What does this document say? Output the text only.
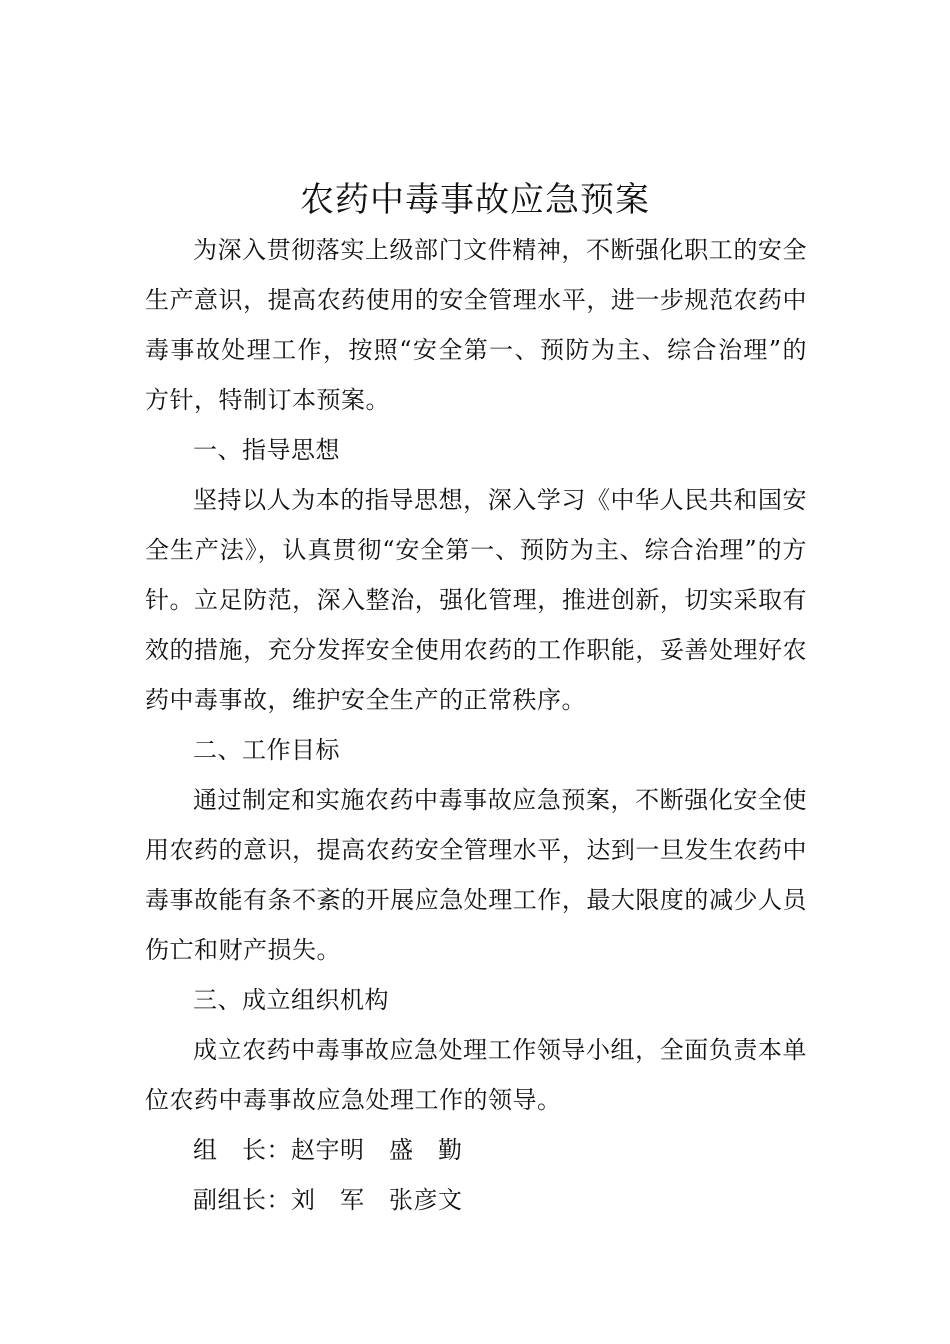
农药中毒事故应急预案

为深入贯彻落实上级部门文件精神，不断强化职工的安全生产意识，提高农药使用的安全管理水平，进一步规范农药中毒事故处理工作，按照“安全第一、预防为主、综合治理”的方针，特制订本预案。

一、指导思想

坚持以人为本的指导思想，深入学习《中华人民共和国安全生产法》，认真贯彻“安全第一、预防为主、综合治理”的方针。立足防范，深入整治，强化管理，推进创新，切实采取有效的措施，充分发挥安全使用农药的工作职能，妥善处理好农药中毒事故，维护安全生产的正常秩序。

二、工作目标

通过制定和实施农药中毒事故应急预案，不断强化安全使用农药的意识，提高农药安全管理水平，达到一旦发生农药中毒事故能有条不紊的开展应急处理工作，最大限度的减少人员伤亡和财产损失。

三、成立组织机构

成立农药中毒事故应急处理工作领导小组，全面负责本单位农药中毒事故应急处理工作的领导。

组　长：赵宇明　盛　勤

副组长：刘　军　张彦文
